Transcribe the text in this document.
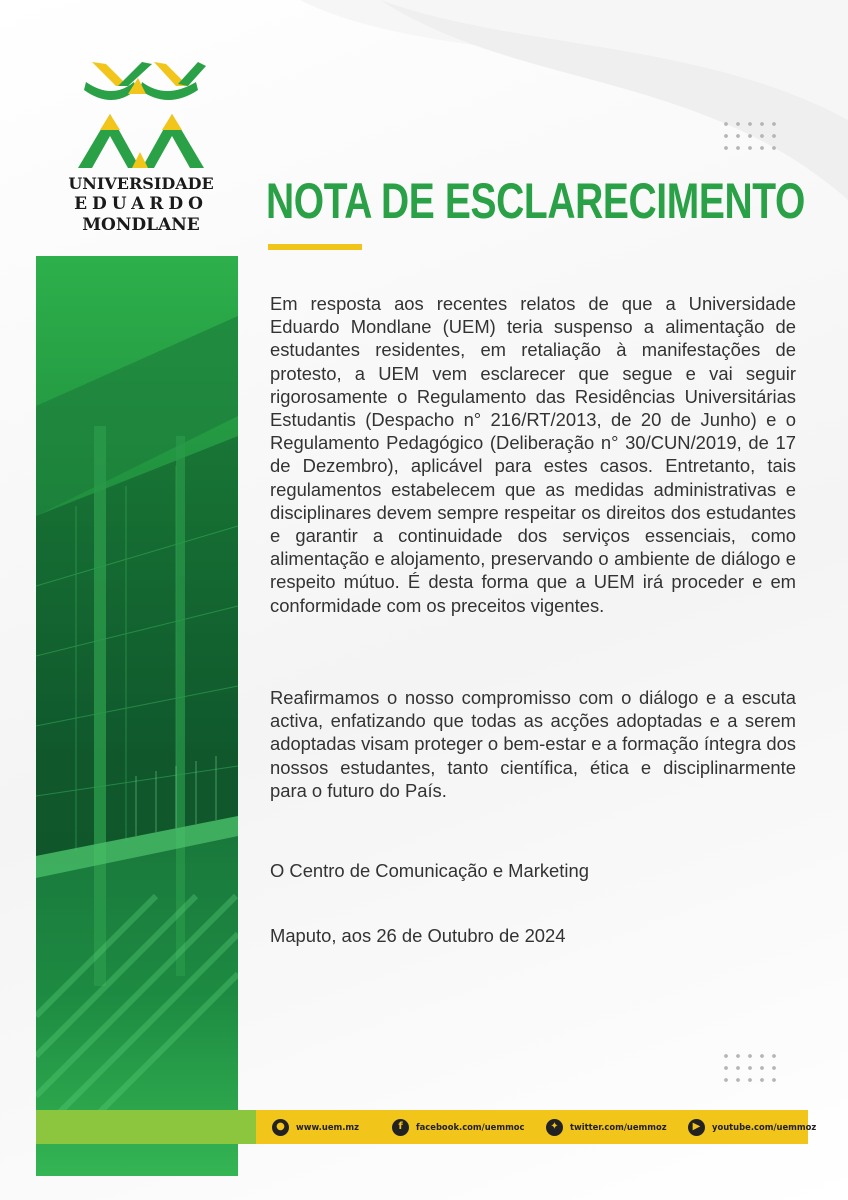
UNIVERSIDADE
EDUARDO
MONDLANE	NOTA DE ESCLARECIMENTO

Em resposta aos recentes relatos de que a Universidade Eduardo Mondlane (UEM) teria suspenso a alimentação de estudantes residentes, em retaliação à manifestações de protesto, a UEM vem esclarecer que segue e vai seguir rigorosamente o Regulamento das Residências Universitárias Estudantis (Despacho n° 216/RT/2013, de 20 de Junho) e o Regulamento Pedagógico (Deliberação n° 30/CUN/2019, de 17 de Dezembro), aplicável para estes casos. Entretanto, tais regulamentos estabelecem que as medidas administrativas e disciplinares devem sempre respeitar os direitos dos estudantes e garantir a continuidade dos serviços essenciais, como alimentação e alojamento, preservando o ambiente de diálogo e respeito mútuo. É desta forma que a UEM irá proceder e em conformidade com os preceitos vigentes.

Reafirmamos o nosso compromisso com o diálogo e a escuta activa, enfatizando que todas as acções adoptadas e a serem adoptadas visam proteger o bem-estar e a formação íntegra dos nossos estudantes, tanto científica, ética e disciplinarmente para o futuro do País.

O Centro de Comunicação e Marketing

Maputo, aos 26 de Outubro de 2024

●	www.uem.mz	f	facebook.com/uemmoc	✦	twitter.com/uemmoz	▶	youtube.com/uemmoz
